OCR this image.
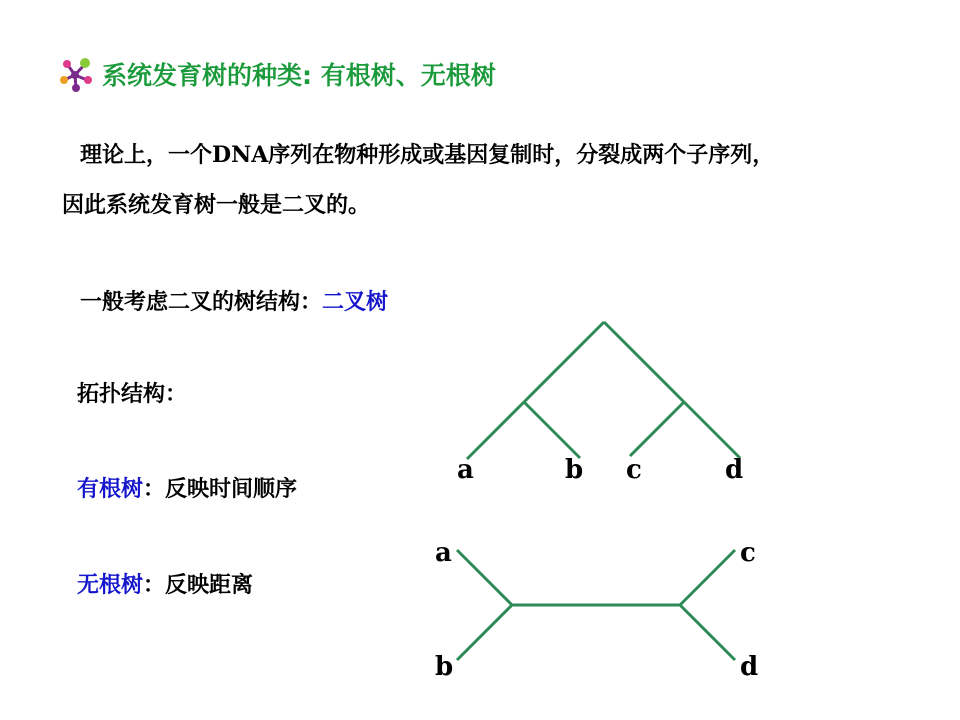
系统发育树的种类: 有根树、无根树
理论上，一个DNA序列在物种形成或基因复制时，分裂成两个子序列，
因此系统发育树一般是二叉的。
一般考虑二叉的树结构：二叉树
拓扑结构：
有根树：反映时间顺序
无根树：反映距离
a	b c	d
a
b
c
d
